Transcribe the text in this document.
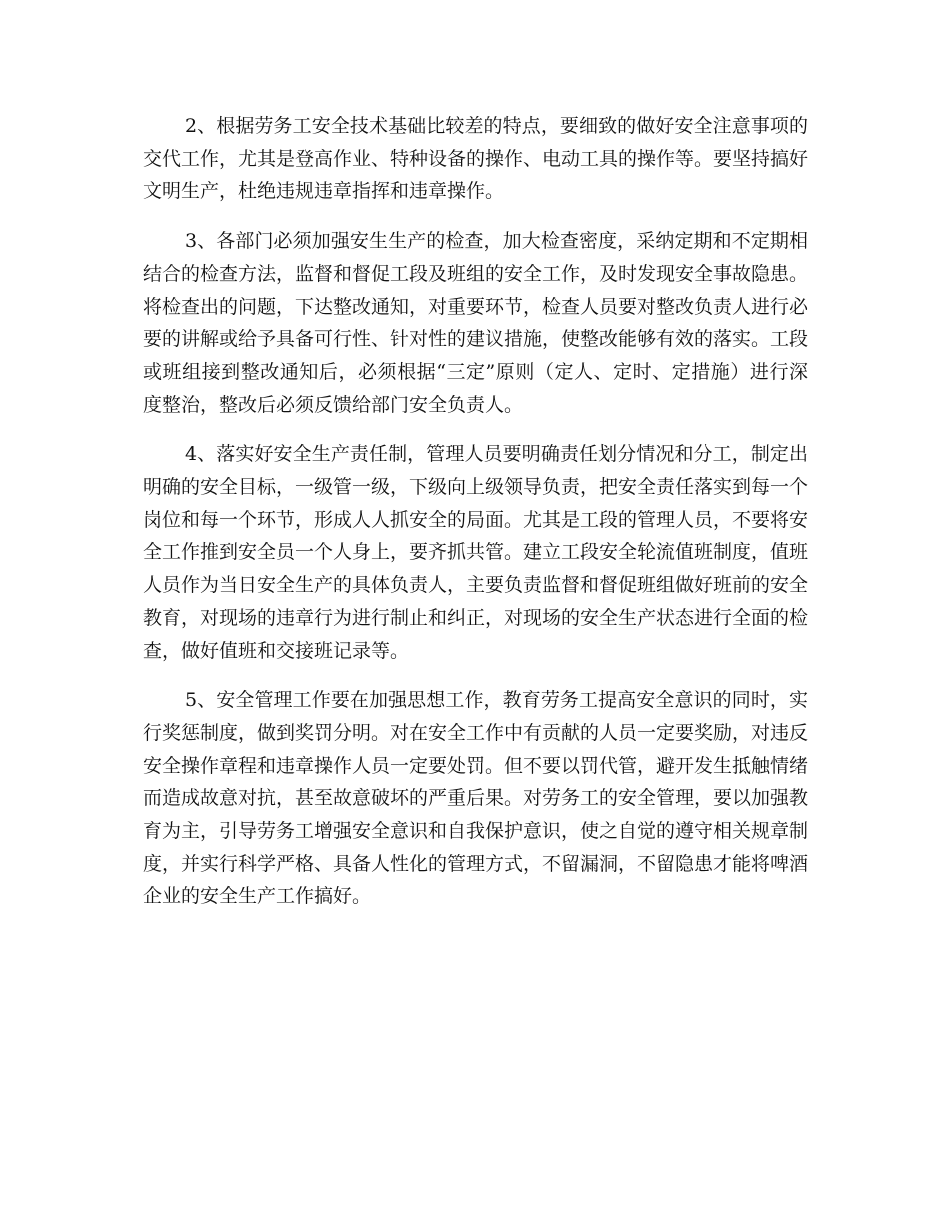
2、根据劳务工安全技术基础比较差的特点，要细致的做好安全注意事项的交代工作，尤其是登高作业、特种设备的操作、电动工具的操作等。要坚持搞好文明生产，杜绝违规违章指挥和违章操作。

3、各部门必须加强安生生产的检查，加大检查密度，采纳定期和不定期相结合的检查方法，监督和督促工段及班组的安全工作，及时发现安全事故隐患。将检查出的问题，下达整改通知，对重要环节，检查人员要对整改负责人进行必要的讲解或给予具备可行性、针对性的建议措施，使整改能够有效的落实。工段或班组接到整改通知后，必须根据“三定”原则（定人、定时、定措施）进行深度整治，整改后必须反馈给部门安全负责人。

4、落实好安全生产责任制，管理人员要明确责任划分情况和分工，制定出明确的安全目标，一级管一级，下级向上级领导负责，把安全责任落实到每一个岗位和每一个环节，形成人人抓安全的局面。尤其是工段的管理人员，不要将安全工作推到安全员一个人身上，要齐抓共管。建立工段安全轮流值班制度，值班人员作为当日安全生产的具体负责人，主要负责监督和督促班组做好班前的安全教育，对现场的违章行为进行制止和纠正，对现场的安全生产状态进行全面的检查，做好值班和交接班记录等。

5、安全管理工作要在加强思想工作，教育劳务工提高安全意识的同时，实行奖惩制度，做到奖罚分明。对在安全工作中有贡献的人员一定要奖励，对违反安全操作章程和违章操作人员一定要处罚。但不要以罚代管，避开发生抵触情绪而造成故意对抗，甚至故意破坏的严重后果。对劳务工的安全管理，要以加强教育为主，引导劳务工增强安全意识和自我保护意识，使之自觉的遵守相关规章制度，并实行科学严格、具备人性化的管理方式，不留漏洞，不留隐患才能将啤酒企业的安全生产工作搞好。
